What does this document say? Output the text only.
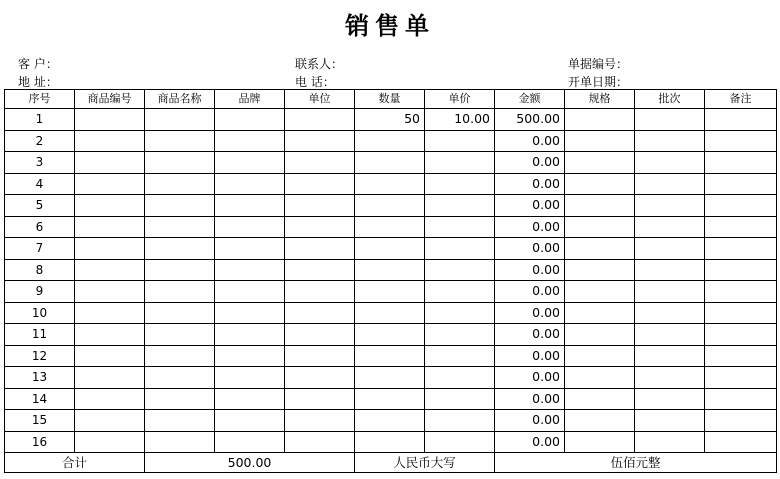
销售单
客 户：
地 址：
联系人：
电 话：
单据编号：
开单日期：
序号	商品编号	商品名称	品牌	单位	数量	单价	金额	规格	批次	备注
1					50	10.00	500.00			
2							0.00			
3							0.00			
4							0.00			
5							0.00			
6							0.00			
7							0.00			
8							0.00			
9							0.00			
10							0.00			
11							0.00			
12							0.00			
13							0.00			
14							0.00			
15							0.00			
16							0.00			
合计		500.00			人民币大写		伍佰元整			
